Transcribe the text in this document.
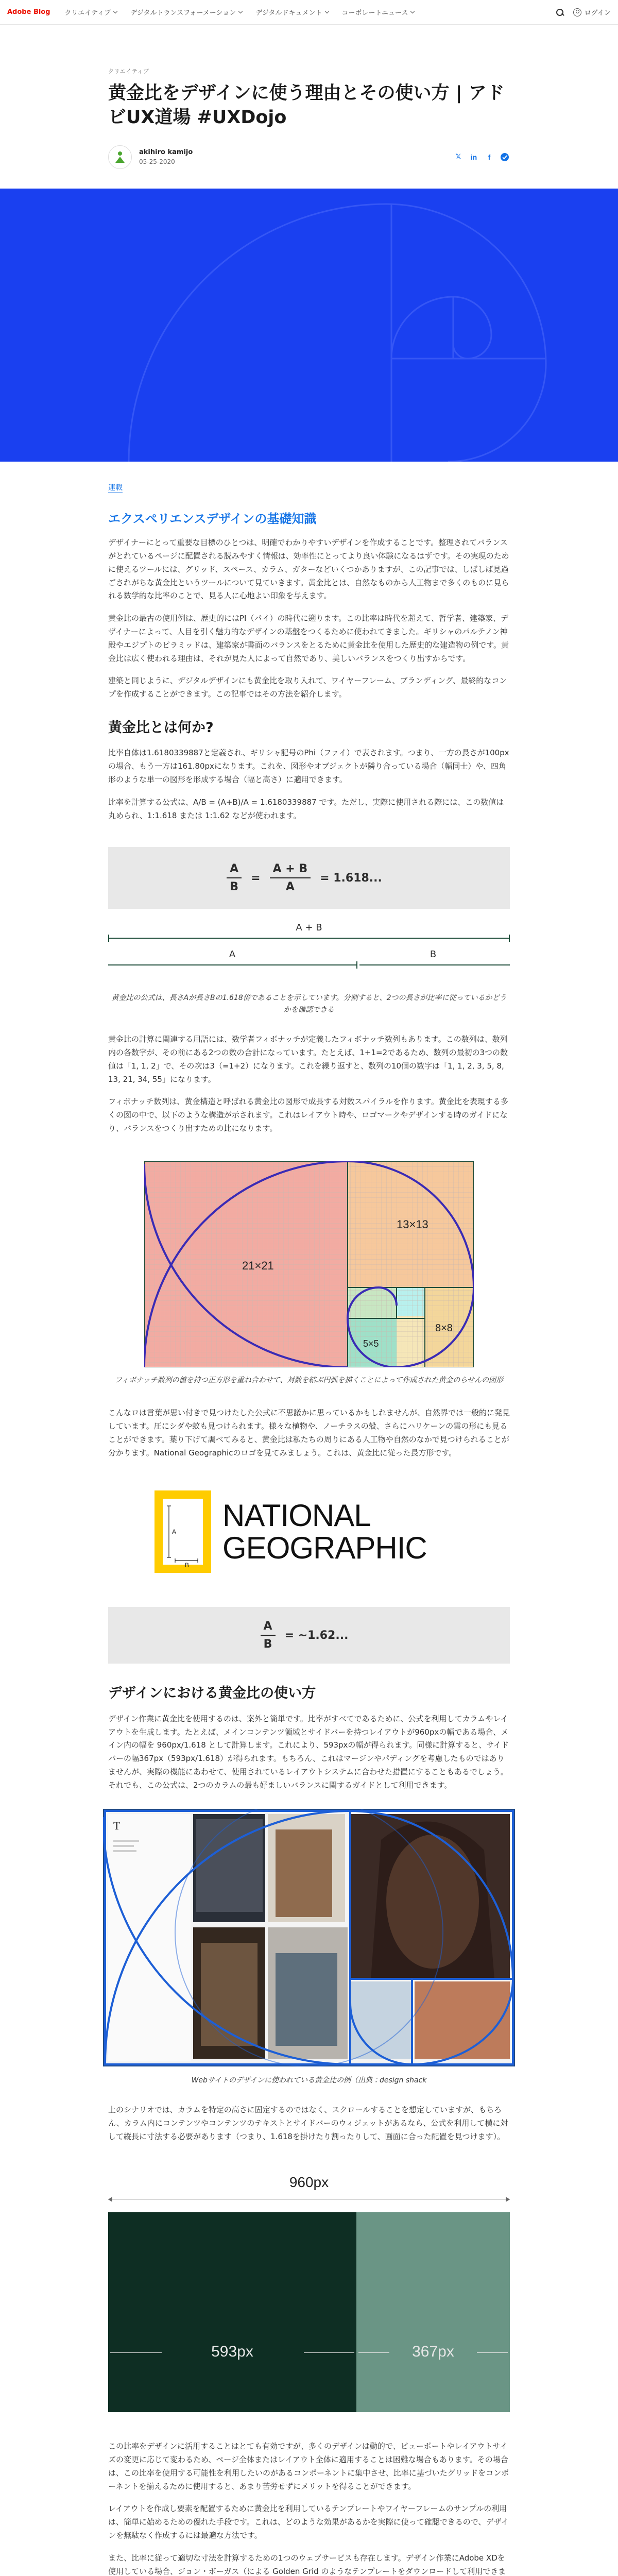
Adobe Blog クリエイティブ	デジタルトランスフォーメーション	デジタルドキュメント	コーポレートニュース	ログイン
クリエイティブ
黄金比をデザインに使う理由とその使い方 | アドビUX道場 #UXDojo
akihiro kamijo
05-25-2020
𝕏	in	f
連載
エクスペリエンスデザインの基礎知識

デザイナーにとって重要な目標のひとつは、明確でわかりやすいデザインを作成することです。整理されてバランスがとれているページに配置される読みやすく情報は、効率性にとってより良い体験になるはずです。その実現のために使えるツールには、グリッド、スペース、カラム、ガターなどいくつかありますが、この記事では、しばしば見過ごされがちな黄金比というツールについて見ていきます。黄金比とは、自然なものから人工物まで多くのものに見られる数学的な比率のことで、見る人に心地よい印象を与えます。

黄金比の最古の使用例は、歴史的にはPI（パイ）の時代に遡ります。この比率は時代を超えて、哲学者、建築家、デザイナーによって、人目を引く魅力的なデザインの基盤をつくるために使われてきました。ギリシャのパルテノン神殿やエジプトのピラミッドは、建築家が書面のバランスをとるために黄金比を使用した歴史的な建造物の例です。黄金比は広く使われる理由は、それが見た人によって自然であり、美しいバランスをつくり出すからです。

建築と同じように、デジタルデザインにも黄金比を取り入れて、ワイヤーフレーム、ブランディング、最終的なコンプを作成することができます。この記事ではその方法を紹介します。

黄金比とは何か?

比率自体は1.6180339887と定義され、ギリシャ記号のPhi（ファイ）で表されます。つまり、一方の長さが100pxの場合、もう一方は161.80pxになります。これを、図形やオブジェクトが隣り合っている場合（幅同士）や、四角形のような単一の図形を形成する場合（幅と高さ）に適用できます。

比率を計算する公式は、A/B = (A+B)/A = 1.6180339887 です。ただし、実際に使用される際には、この数値は丸められ、1:1.618 または 1:1.62 などが使われます。

$\frac{A}{B} = \frac{A + B}{A} = 1.618$...
A + B
A	B

黄金比の公式は、長さAが長さBの1.618倍であることを示しています。分割すると、2つの長さが比率に従っているかどうかを確認できる

黄金比の計算に関連する用語には、数学者フィボナッチが定義したフィボナッチ数列もあります。この数列は、数列内の各数字が、その前にある2つの数の合計になっています。たとえば、1+1=2であるため、数列の最初の3つの数値は「1, 1, 2」で、その次は3（=1+2）になります。これを繰り返すと、数列の10個の数字は「1, 1, 2, 3, 5, 8, 13, 21, 34, 55」になります。

フィボナッチ数列は、黄金構造と呼ばれる黄金比の図形で成長する対数スパイラルを作ります。黄金比を表現する多くの図の中で、以下のような構造が示されます。これはレイアウト時や、ロゴマークやデザインする時のガイドになり、バランスをつくり出すための比になります。

21×21
13×13
8×8
5×5

フィボナッチ数列の値を持つ正方形を重ね合わせて、対数を結ぶ円弧を描くことによって作成された黄金のらせんの図形

こんなロは言葉が思い付きで見つけたした公式に不思議かに思っているかもしれませんが、自然界では一般的に発見しています。圧にシダや蚊も見つけられます。様々な植物や、ノーチラスの殻、さらにハリケーンの雲の形にも見ることができます。葉り下げて調べてみると、黄金比は私たちの周りにある人工物や自然のなかで見つけられることが分かります。National Geographicのロゴを見てみましょう。これは、黄金比に従った長方形です。

A
B
NATIONAL
GEOGRAPHIC
$\frac{A}{B}$ = ~1.62...
デザインにおける黄金比の使い方

デザイン作業に黄金比を使用するのは、案外と簡単です。比率がすべてであるために、公式を利用してカラムやレイアウトを生成します。たとえば、メインコンテンツ領域とサイドバーを持つレイアウトが960pxの幅である場合、メイン内の幅を 960px/1.618 として計算します。これにより、593pxの幅が得られます。同様に計算すると、サイドバーの幅367px（593px/1.618）が得られます。もちろん、これはマージンやパディングを考慮したものではありませんが、実際の機能にあわせて、使用されているレイアウトシステムに合わせた措置にすることもあるでしょう。それでも、この公式は、2つのカラムの最も好ましいバランスに関するガイドとして利用できます。

T

Webサイトのデザインに使われている黄金比の例（出典：design shack

上のシナリオでは、カラムを特定の高さに固定するのではなく、スクロールすることを想定していますが、もちろん、カラム内にコンテンツやコンテンツのテキストとサイドバーのウィジェットがあるなら、公式を利用して横に対して縦長に寸法する必要があります（つまり、1.618を掛けたり割ったりして、画面に合った配置を見つけます）。

960px
593px	367px

この比率をデザインに活用することはとても有効ですが、多くのデザインは動的で、ビューポートやレイアウトサイズの変更に応じて変わるため、ページ全体またはレイアウト全体に適用することは困難な場合もあります。その場合は、この比率を使用する可能性を利用したいのがあるコンポーネントに集中させ、比率に基づいたグリッドをコンポーネントを揃えるために使用すると、あまり苦労せずにメリットを得ることができます。

レイアウトを作成し要素を配置するために黄金比を利用しているテンプレートやワイヤーフレームのサンプルの利用は、簡単に始めるための優れた手段です。これは、どのような効果があるかを実際に使って確認できるので、デザインを無駄なく作成するには最適な方法です。

また、比率に従って適切な寸法を計算するための1つのウェブサービスも存在します。デザイン作業にAdobe XDを使用している場合、ジョン・ボーガス（による Golden Grid のようなテンプレートをダウンロードして利用できま
